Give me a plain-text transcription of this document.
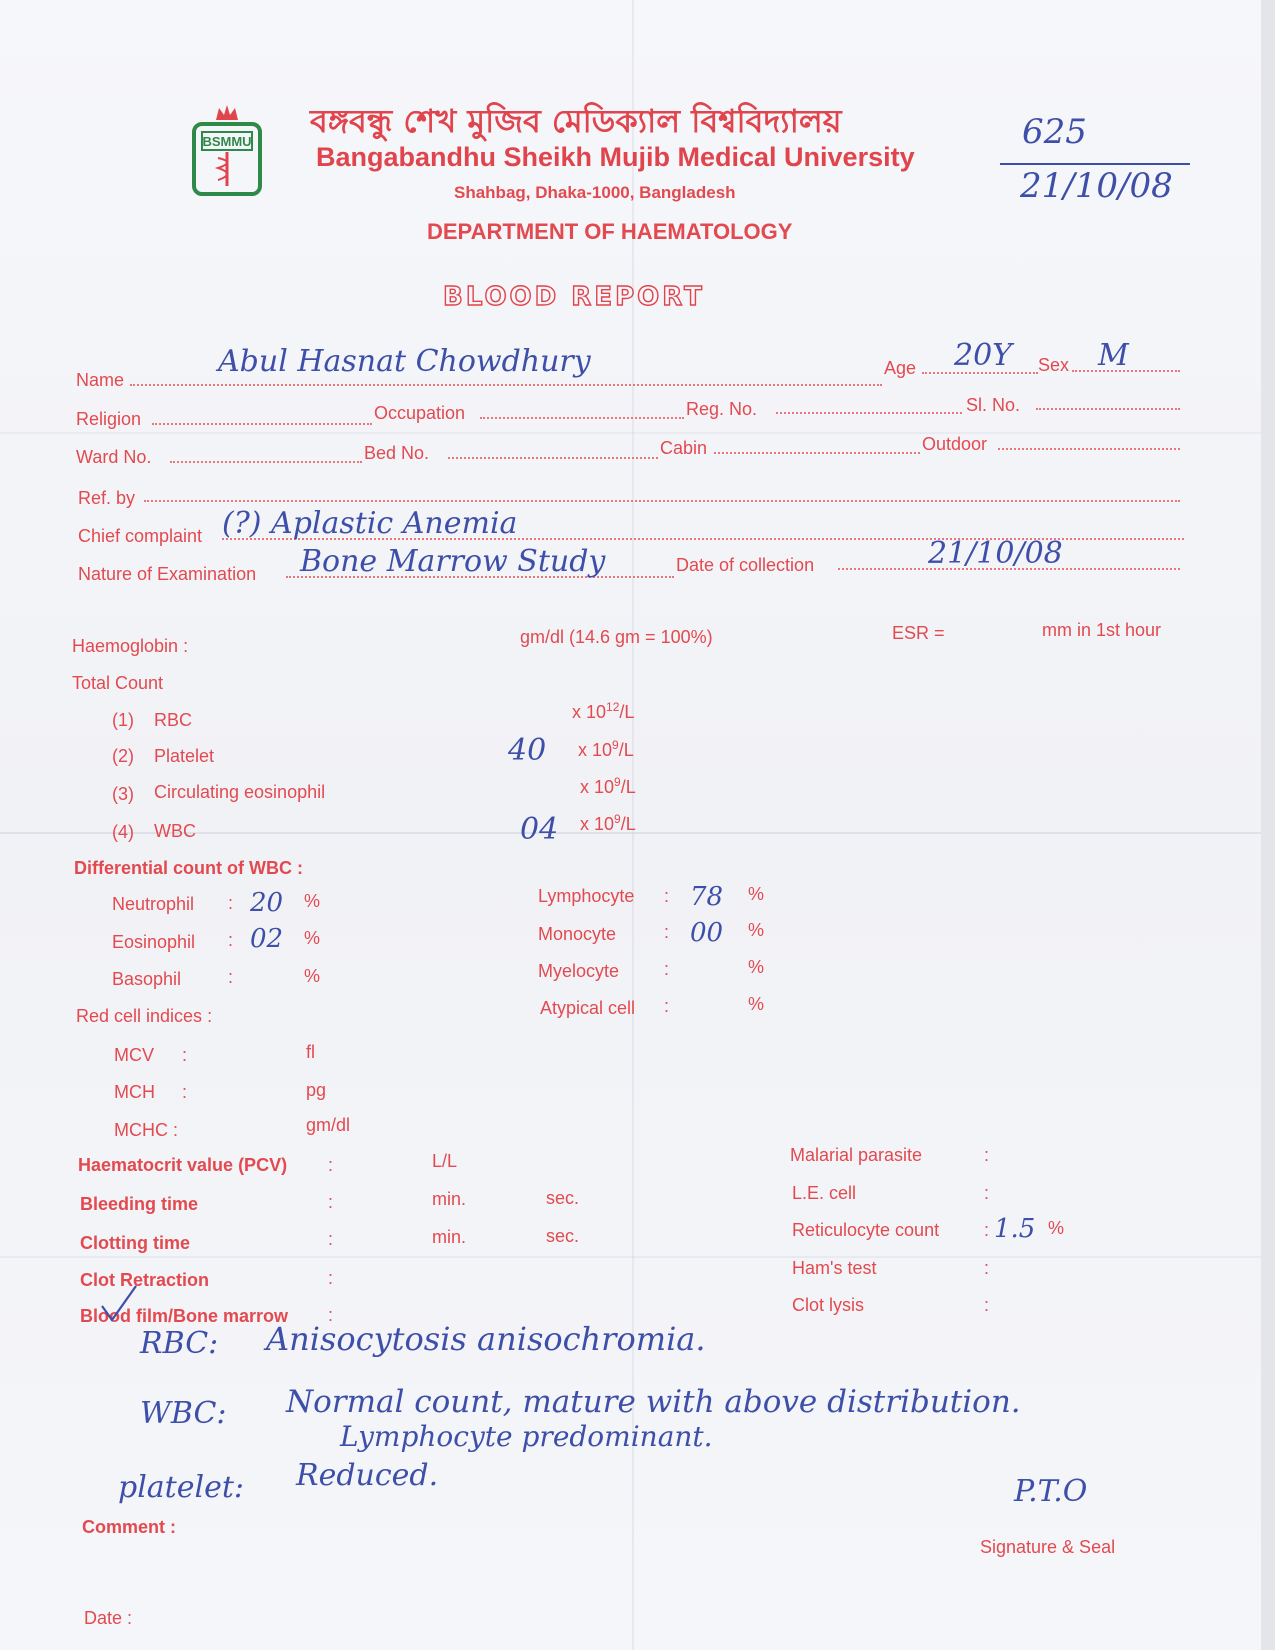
BSMMU
বঙ্গবন্ধু শেখ মুজিব মেডিক্যাল বিশ্ববিদ্যালয়
Bangabandhu Sheikh Mujib Medical University
Shahbag, Dhaka-1000, Bangladesh
DEPARTMENT OF HAEMATOLOGY
BLOOD REPORT
625
21/10/08
Name
Abul Hasnat Chowdhury	Age 20Y Sex M
Religion	Occupation	Reg. No.	Sl. No.
Ward No.	Bed No.	Cabin	Outdoor
Ref. by
Chief complaint (?) Aplastic Anemia
Nature of Examination Bone Marrow Study	Date of collection	21/10/08
Haemoglobin :	gm/dl (14.6 gm = 100%)	ESR =	mm in 1st hour
Total Count
(1) RBC	x $10^{12}/L$
(2) Platelet	40 x $10^9/L$
(3) Circulating eosinophil	x $10^9/L$
(4) WBC	04 x $10^9/L$
Differential count of WBC :
Neutrophil : 20 %
Eosinophil : 02 %
Basophil	:	%
Lymphocyte : 78 %
Monocyte	: 00 %
Myelocyte :	%
Atypical cell :	%
Red cell indices :
MCV :	fl
MCH :	pg
MCHC :	gm/dl
Haematocrit value (PCV) :	L/L
Bleeding time	:	min.	sec.
Clotting time	:	min.	sec.
Clot Retraction	:
Blood film/Bone marrow :
Malarial parasite	:
L.E. cell	:
Reticulocyte count : 1.5 %
Ham's test	:
Clot lysis	:
RBC: Anisocytosis anisochromia.
WBC: Normal count, mature with above distribution.
Lymphocyte predominant.
platelet: Reduced.
Comment :
P.T.O
Signature & Seal
Date :
